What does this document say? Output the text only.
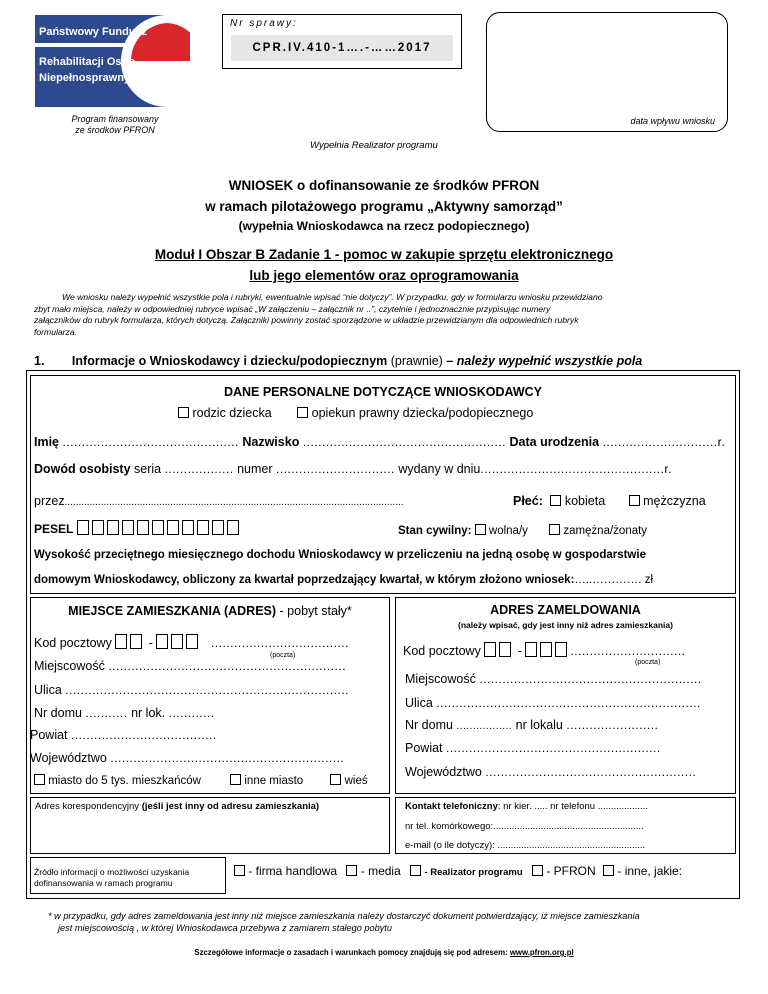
Państwowy Fundusz
Rehabilitacji Osób
Niepełnosprawnych
Program finansowany
ze środków PFRON
Nr sprawy:
CPR.IV.410-1….-……2017
data wpływu wniosku
Wypełnia Realizator programu
WNIOSEK o dofinansowanie ze środków PFRON
w ramach pilotażowego programu „Aktywny samorząd”
(wypełnia Wnioskodawca na rzecz podopiecznego)
Moduł I Obszar B Zadanie 1 - pomoc w zakupie sprzętu elektronicznego
lub jego elementów oraz oprogramowania
We wniosku należy wypełnić wszystkie pola i rubryki, ewentualnie wpisać “nie dotyczy”. W przypadku, gdy w formularzu wniosku przewidziano
zbyt mało miejsca, należy w odpowiedniej rubryce wpisać „W załączeniu – załącznik nr ..”, czytelnie i jednoznacznie przypisując numery
załączników do rubryk formularza, których dotyczą. Załączniki powinny zostać sporządzone w układzie przewidzianym dla odpowiednich rubryk
formularza.
1. Informacje o Wnioskodawcy i dziecku/podopiecznym (prawnie) – należy wypełnić wszystkie pola
DANE PERSONALNE DOTYCZĄCE WNIOSKODAWCY
rodzic dziecka	opiekun prawny dziecka/podopiecznego
Imię .............................................. Nazwisko ..................................................... Data urodzenia ..............................r.
Dowód osobisty seria .................. numer ............................... wydany w dniu................................................r.
przez..........................................................................................................................	Płeć: kobieta	mężczyzna
PESEL	Stan cywilny: wolna/y	zamężna/żonaty
Wysokość przeciętnego miesięcznego dochodu Wnioskodawcy w przeliczeniu na jedną osobę w gospodarstwie
domowym Wnioskodawcy, obliczony za kwartał poprzedzający kwartał, w którym złożono wniosek:…..…………. zł
MIEJSCE ZAMIESZKANIA (ADRES) - pobyt stały*
Kod pocztowy	-	....................................
(poczta)
Miejscowość ..............................................................
Ulica ..........................................................................
Nr domu ........... nr lok. ............
Powiat ......................................
Województwo .............................................................
miasto do 5 tys. mieszkańców	inne miasto	wieś
ADRES ZAMELDOWANIA
(należy wpisać, gdy jest inny niż adres zamieszkania)
Kod pocztowy	-	..............................
(poczta)
Miejscowość ..........................................................
Ulica .....................................................................
Nr domu ................. nr lokalu ........................
Powiat ........................................................
Województwo .......................................................
Adres korespondencyjny (jeśli jest inny od adresu zamieszkania)	Kontakt telefoniczny: nr kier. ..... nr telefonu ...................
nr tel. komórkowego:.........................................................
e-mail (o ile dotyczy): ........................................................
Źródło informacji o możliwości uzyskania
dofinansowania w ramach programu
- firma handlowa - media - Realizator programu - PFRON - inne, jakie:
* w przypadku, gdy adres zameldowania jest inny niż miejsce zamieszkania należy dostarczyć dokument potwierdzający, iż miejsce zamieszkania
jest miejscowością , w której Wnioskodawca przebywa z zamiarem stałego pobytu
Szczegółowe informacje o zasadach i warunkach pomocy znajdują się pod adresem: www.pfron.org.pl
